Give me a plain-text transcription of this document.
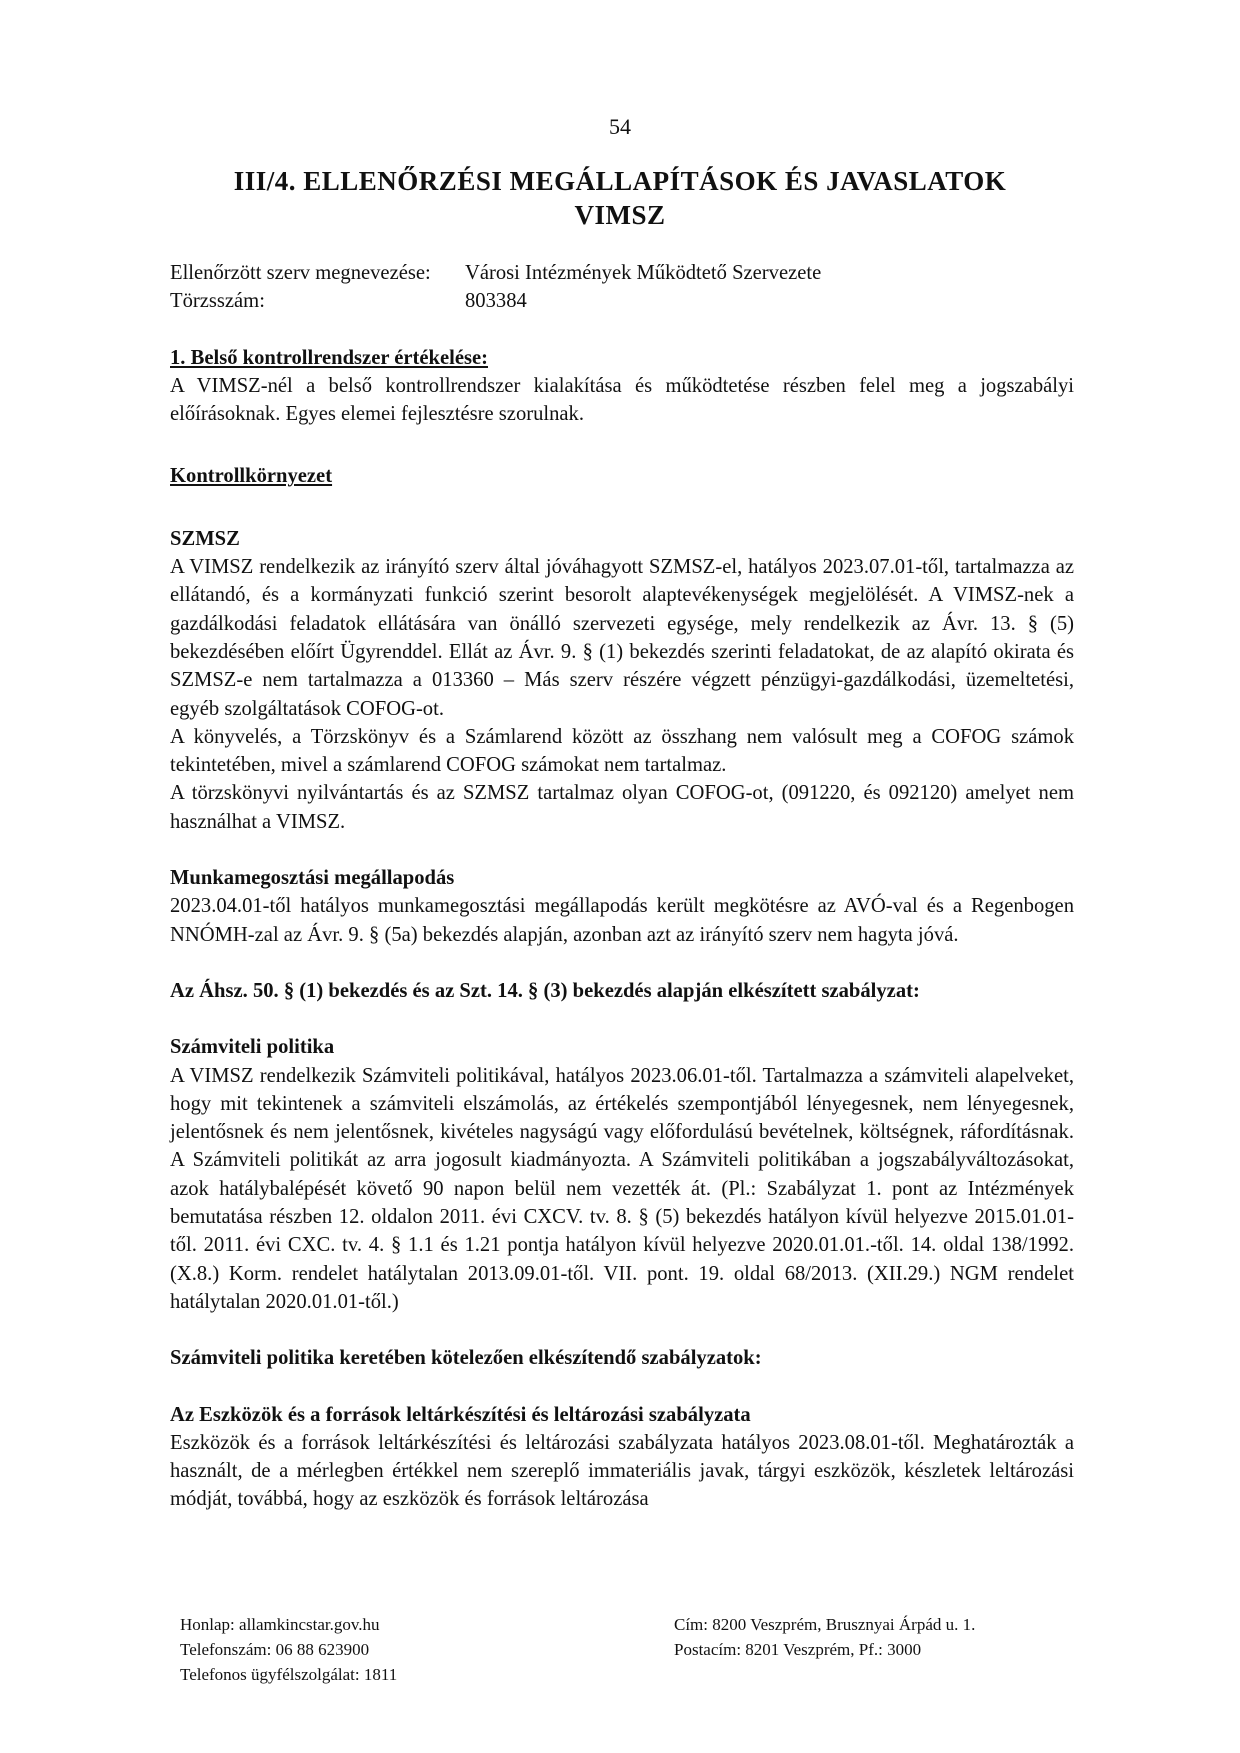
54
III/4. ELLENŐRZÉSI MEGÁLLAPÍTÁSOK ÉS JAVASLATOK
VIMSZ
Ellenőrzött szerv megnevezése:	Városi Intézmények Működtető Szervezete
Törzsszám:	803384
1. Belső kontrollrendszer értékelése:

A VIMSZ-nél a belső kontrollrendszer kialakítása és működtetése részben felel meg a jogszabályi előírásoknak. Egyes elemei fejlesztésre szorulnak.

Kontrollkörnyezet
SZMSZ

A VIMSZ rendelkezik az irányító szerv által jóváhagyott SZMSZ-el, hatályos 2023.07.01-től, tartalmazza az ellátandó, és a kormányzati funkció szerint besorolt alaptevékenységek megjelölését. A VIMSZ-nek a gazdálkodási feladatok ellátására van önálló szervezeti egysége, mely rendelkezik az Ávr. 13. § (5) bekezdésében előírt Ügyrenddel. Ellát az Ávr. 9. § (1) bekezdés szerinti feladatokat, de az alapító okirata és SZMSZ-e nem tartalmazza a 013360 – Más szerv részére végzett pénzügyi-gazdálkodási, üzemeltetési, egyéb szolgáltatások COFOG-ot.

A könyvelés, a Törzskönyv és a Számlarend között az összhang nem valósult meg a COFOG számok tekintetében, mivel a számlarend COFOG számokat nem tartalmaz.

A törzskönyvi nyilvántartás és az SZMSZ tartalmaz olyan COFOG-ot, (091220, és 092120) amelyet nem használhat a VIMSZ.

Munkamegosztási megállapodás

2023.04.01-től hatályos munkamegosztási megállapodás került megkötésre az AVÓ-val és a Regenbogen NNÓMH-zal az Ávr. 9. § (5a) bekezdés alapján, azonban azt az irányító szerv nem hagyta jóvá.

Az Áhsz. 50. § (1) bekezdés és az Szt. 14. § (3) bekezdés alapján elkészített szabályzat:
Számviteli politika

A VIMSZ rendelkezik Számviteli politikával, hatályos 2023.06.01-től. Tartalmazza a számviteli alapelveket, hogy mit tekintenek a számviteli elszámolás, az értékelés szempontjából lényegesnek, nem lényegesnek, jelentősnek és nem jelentősnek, kivételes nagyságú vagy előfordulású bevételnek, költségnek, ráfordításnak. A Számviteli politikát az arra jogosult kiadmányozta. A Számviteli politikában a jogszabályváltozásokat, azok hatálybalépését követő 90 napon belül nem vezették át. (Pl.: Szabályzat 1. pont az Intézmények bemutatása részben 12. oldalon 2011. évi CXCV. tv. 8. § (5) bekezdés hatályon kívül helyezve 2015.01.01-től. 2011. évi CXC. tv. 4. § 1.1 és 1.21 pontja hatályon kívül helyezve 2020.01.01.-től. 14. oldal 138/1992. (X.8.) Korm. rendelet hatálytalan 2013.09.01-től. VII. pont. 19. oldal 68/2013. (XII.29.) NGM rendelet hatálytalan 2020.01.01-től.)

Számviteli politika keretében kötelezően elkészítendő szabályzatok:
Az Eszközök és a források leltárkészítési és leltározási szabályzata

Eszközök és a források leltárkészítési és leltározási szabályzata hatályos 2023.08.01-től. Meghatározták a használt, de a mérlegben értékkel nem szereplő immateriális javak, tárgyi eszközök, készletek leltározási módját, továbbá, hogy az eszközök és források leltározása

Honlap: allamkincstar.gov.hu
Telefonszám: 06 88 623900
Telefonos ügyfélszolgálat: 1811
Cím: 8200 Veszprém, Brusznyai Árpád u. 1.
Postacím: 8201 Veszprém, Pf.: 3000
